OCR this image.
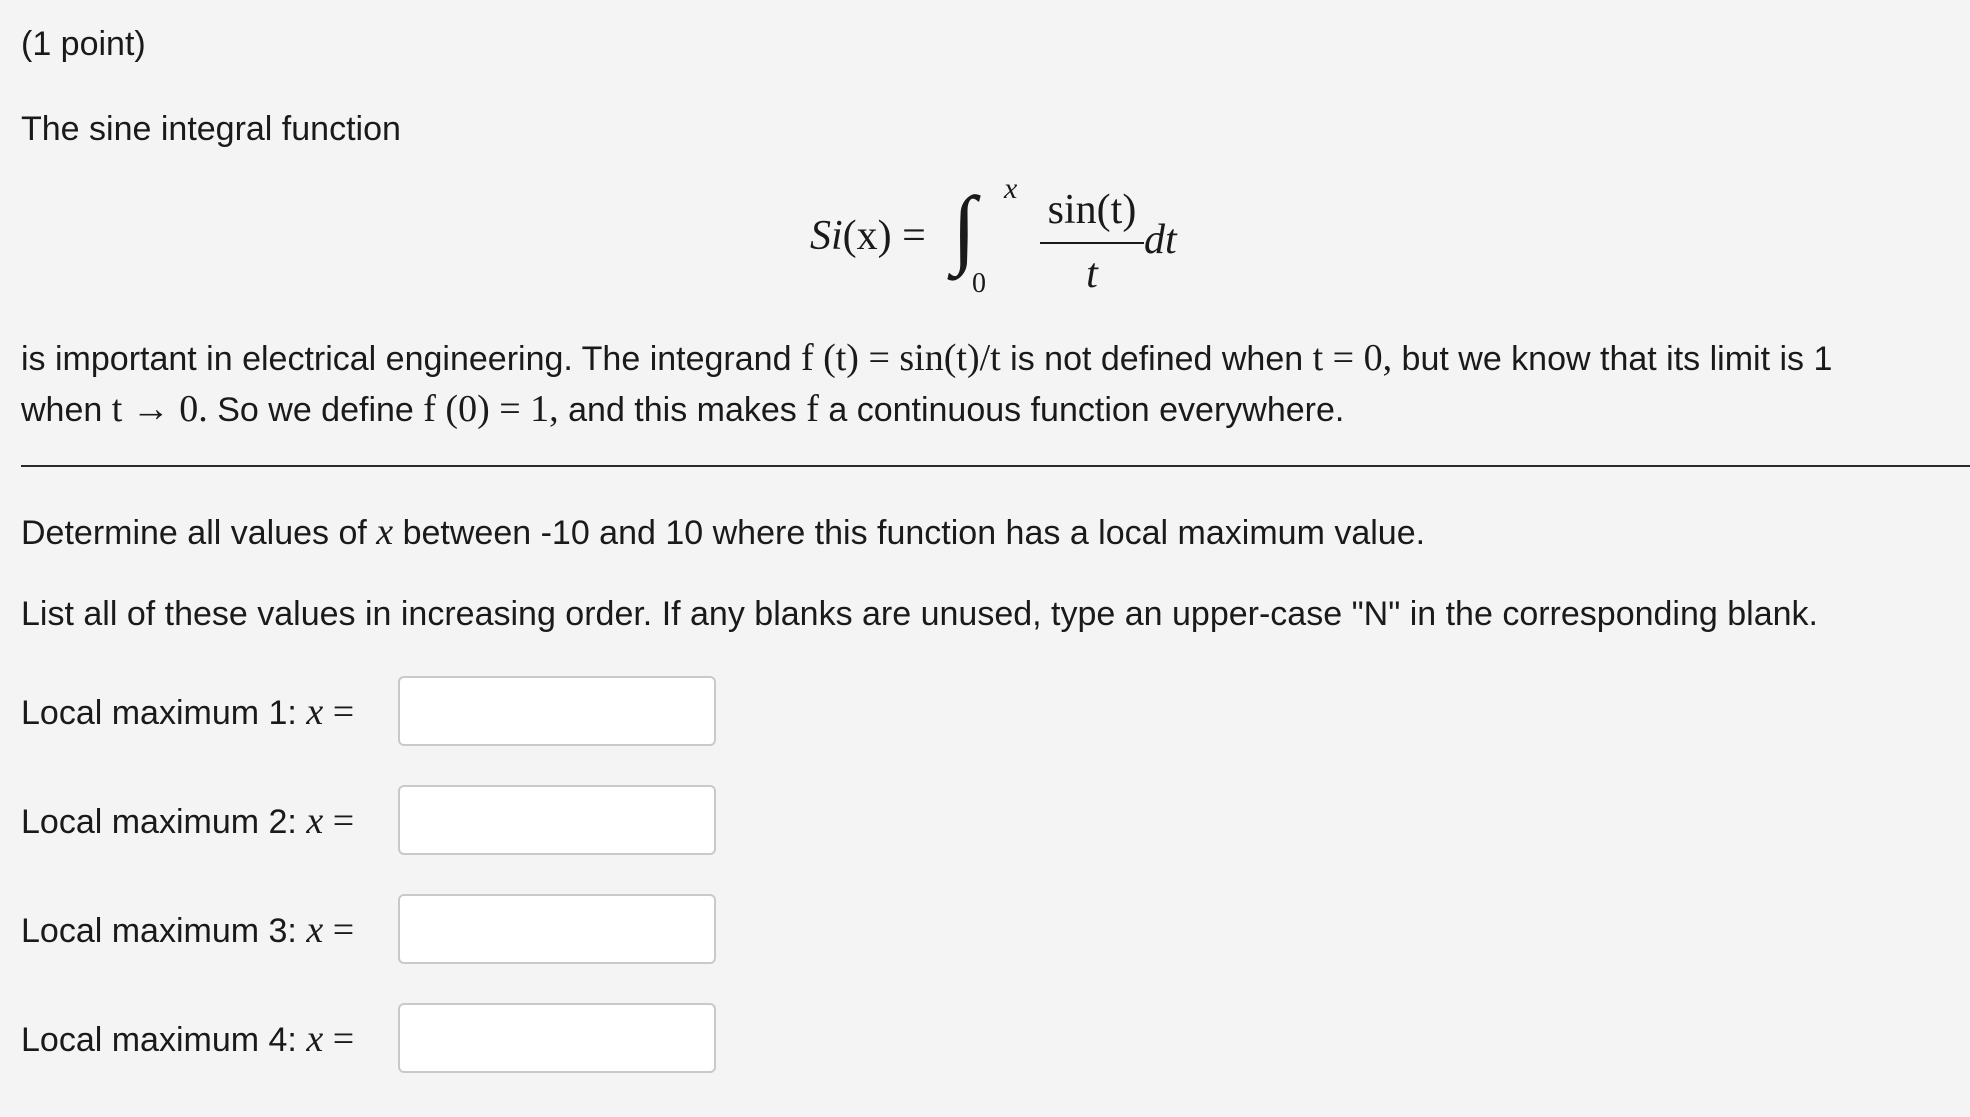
(1 point)
The sine integral function
Si(x) = ∫ x
0
sin(t)
t
dt
is important in electrical engineering. The integrand f (t) = sin(t)/t is not defined when t = 0, but we know that its limit is 1
when t → 0. So we define f (0) = 1, and this makes f a continuous function everywhere.
Determine all values of x between -10 and 10 where this function has a local maximum value.
List all of these values in increasing order. If any blanks are unused, type an upper-case "N" in the corresponding blank.
Local maximum 1: x =
Local maximum 2: x =
Local maximum 3: x =
Local maximum 4: x =
